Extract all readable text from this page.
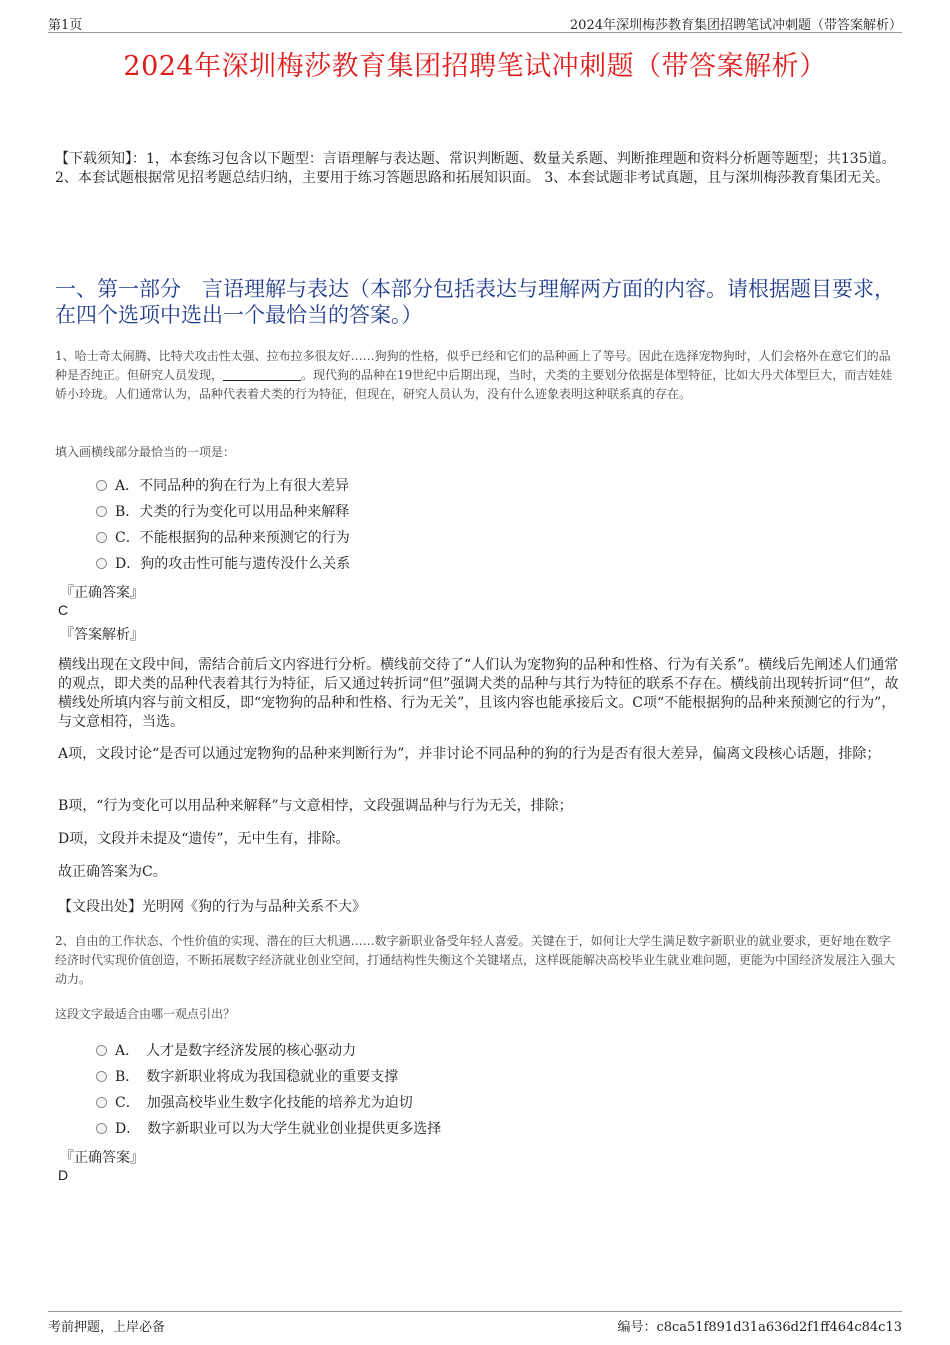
第1页	2024年深圳梅莎教育集团招聘笔试冲刺题（带答案解析）
2024年深圳梅莎教育集团招聘笔试冲刺题（带答案解析）
【下载须知】：1，本套练习包含以下题型：言语理解与表达题、常识判断题、数量关系题、判断推理题和资料分析题等题型；共135道。 2、本套试题根据常见招考题总结归纳，主要用于练习答题思路和拓展知识面。 3、本套试题非考试真题，且与深圳梅莎教育集团无关。
一、第一部分　言语理解与表达（本部分包括表达与理解两方面的内容。请根据题目要求，在四个选项中选出一个最恰当的答案。）
1、哈士奇太闹腾、比特犬攻击性太强、拉布拉多很友好……狗狗的性格，似乎已经和它们的品种画上了等号。因此在选择宠物狗时，人们会格外在意它们的品种是否纯正。但研究人员发现，	。现代狗的品种在19世纪中后期出现，当时，犬类的主要划分依据是体型特征，比如大丹犬体型巨大，而吉娃娃娇小玲珑。人们通常认为，品种代表着犬类的行为特征，但现在，研究人员认为，没有什么迹象表明这种联系真的存在。
填入画横线部分最恰当的一项是：
A．不同品种的狗在行为上有很大差异
B．犬类的行为变化可以用品种来解释
C．不能根据狗的品种来预测它的行为
D．狗的攻击性可能与遗传没什么关系
『正确答案』
C
『答案解析』
横线出现在文段中间，需结合前后文内容进行分析。横线前交待了“人们认为宠物狗的品种和性格、行为有关系”。横线后先阐述人们通常的观点，即犬类的品种代表着其行为特征，后又通过转折词“但”强调犬类的品种与其行为特征的联系不存在。横线前出现转折词“但”，故横线处所填内容与前文相反，即“宠物狗的品种和性格、行为无关”，且该内容也能承接后文。C项“不能根据狗的品种来预测它的行为”，与文意相符，当选。
A项，文段讨论“是否可以通过宠物狗的品种来判断行为”，并非讨论不同品种的狗的行为是否有很大差异，偏离文段核心话题，排除；
B项，“行为变化可以用品种来解释”与文意相悖，文段强调品种与行为无关，排除；
D项，文段并未提及“遗传”，无中生有，排除。
故正确答案为C。
【文段出处】光明网《狗的行为与品种关系不大》
2、自由的工作状态、个性价值的实现、潜在的巨大机遇……数字新职业备受年轻人喜爱。关键在于，如何让大学生满足数字新职业的就业要求，更好地在数字经济时代实现价值创造，不断拓展数字经济就业创业空间，打通结构性失衡这个关键堵点，这样既能解决高校毕业生就业难问题，更能为中国经济发展注入强大动力。
这段文字最适合由哪一观点引出？
A．　人才是数字经济发展的核心驱动力
B．　数字新职业将成为我国稳就业的重要支撑
C．　加强高校毕业生数字化技能的培养尤为迫切
D．　数字新职业可以为大学生就业创业提供更多选择
『正确答案』
D
考前押题，上岸必备	编号：c8ca51f891d31a636d2f1ff464c84c13
